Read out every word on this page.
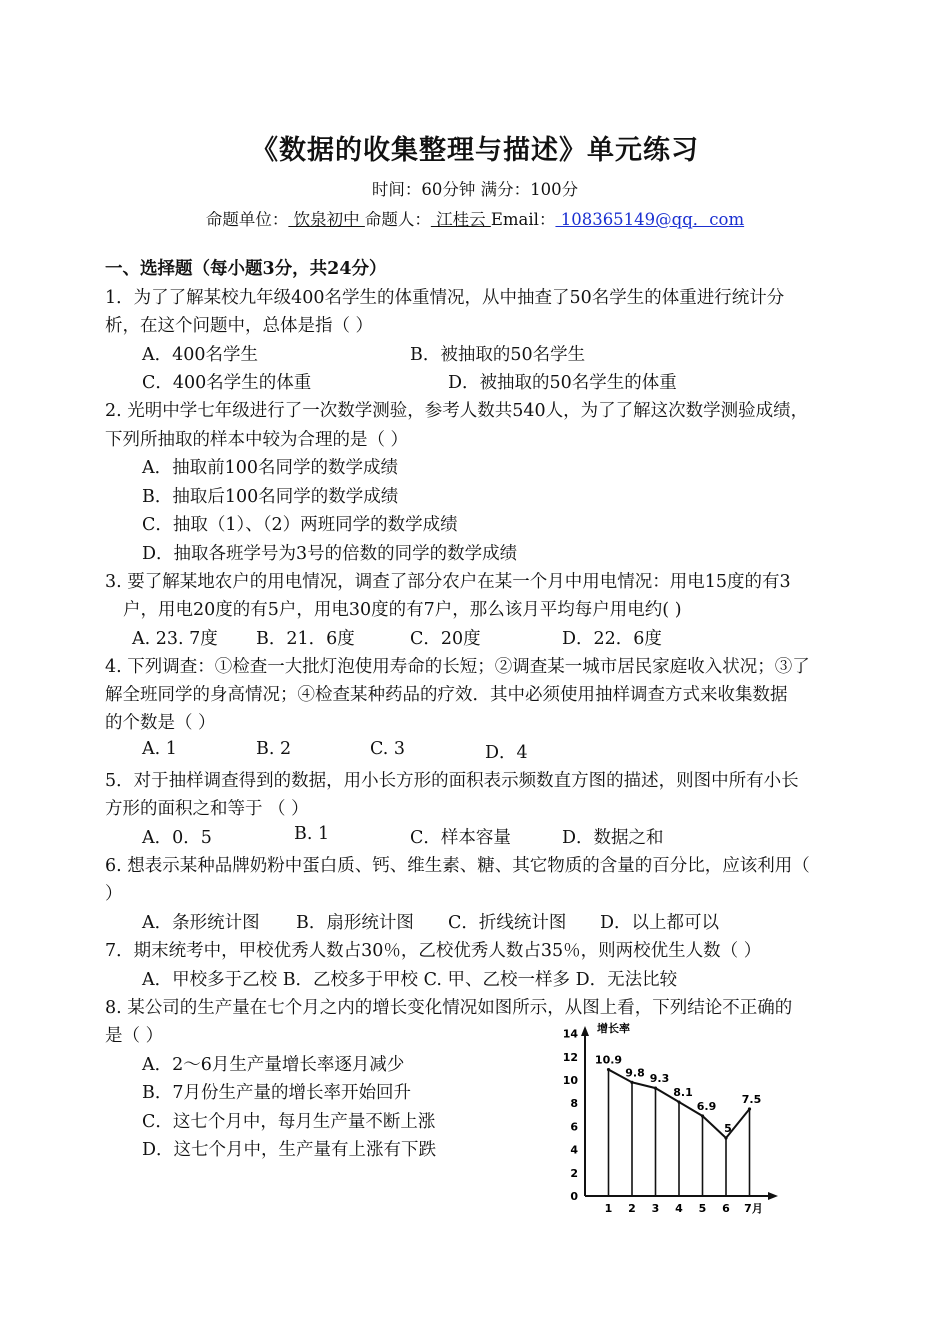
《数据的收集整理与描述》单元练习
时间：60分钟 满分：100分
命题单位： 饮泉初中 命题人： 江桂云 Email： 108365149@qq．com
一、选择题（每小题3分，共24分）
1．为了了解某校九年级400名学生的体重情况，从中抽查了50名学生的体重进行统计分
析，在这个问题中，总体是指（ ）
A．400名学生	B．被抽取的50名学生
C．400名学生的体重	D．被抽取的50名学生的体重
2. 光明中学七年级进行了一次数学测验，参考人数共540人，为了了解这次数学测验成绩，
下列所抽取的样本中较为合理的是（ ）
A．抽取前100名同学的数学成绩
B．抽取后100名同学的数学成绩
C．抽取（1）、（2）两班同学的数学成绩
D．抽取各班学号为3号的倍数的同学的数学成绩
3. 要了解某地农户的用电情况，调查了部分农户在某一个月中用电情况：用电15度的有3
户，用电20度的有5户，用电30度的有7户，那么该月平均每户用电约( )
A. 23. 7度 B．21．6度	C．20度	D．22．6度
4. 下列调查：①检查一大批灯泡使用寿命的长短；②调查某一城市居民家庭收入状况；③了
解全班同学的身高情况；④检查某种药品的疗效．其中必须使用抽样调查方式来收集数据
的个数是（ ）
A. 1	B. 2	C. 3	D．4
5．对于抽样调查得到的数据，用小长方形的面积表示频数直方图的描述，则图中所有小长
方形的面积之和等于 （ ）
A．0．5	B. 1	C．样本容量	D．数据之和
6. 想表示某种品牌奶粉中蛋白质、钙、维生素、糖、其它物质的含量的百分比，应该利用（
）
A．条形统计图 B．扇形统计图 C．折线统计图 D．以上都可以
7．期末统考中，甲校优秀人数占30％，乙校优秀人数占35％，则两校优生人数（ ）
A．甲校多于乙校 B．乙校多于甲校 C. 甲、乙校一样多 D．无法比较
8. 某公司的生产量在七个月之内的增长变化情况如图所示，从图上看，下列结论不正确的
是（ ）
A．2～6月生产量增长率逐月减少
B．7月份生产量的增长率开始回升
C．这七个月中，每月生产量不断上涨
D．这七个月中，生产量有上涨有下跌
增长率
0
2
4
6
8
10
12
14
10.9
9.8 9.3
8.1
6.9
5
7.5
1 2 3 4 5 6 7月
